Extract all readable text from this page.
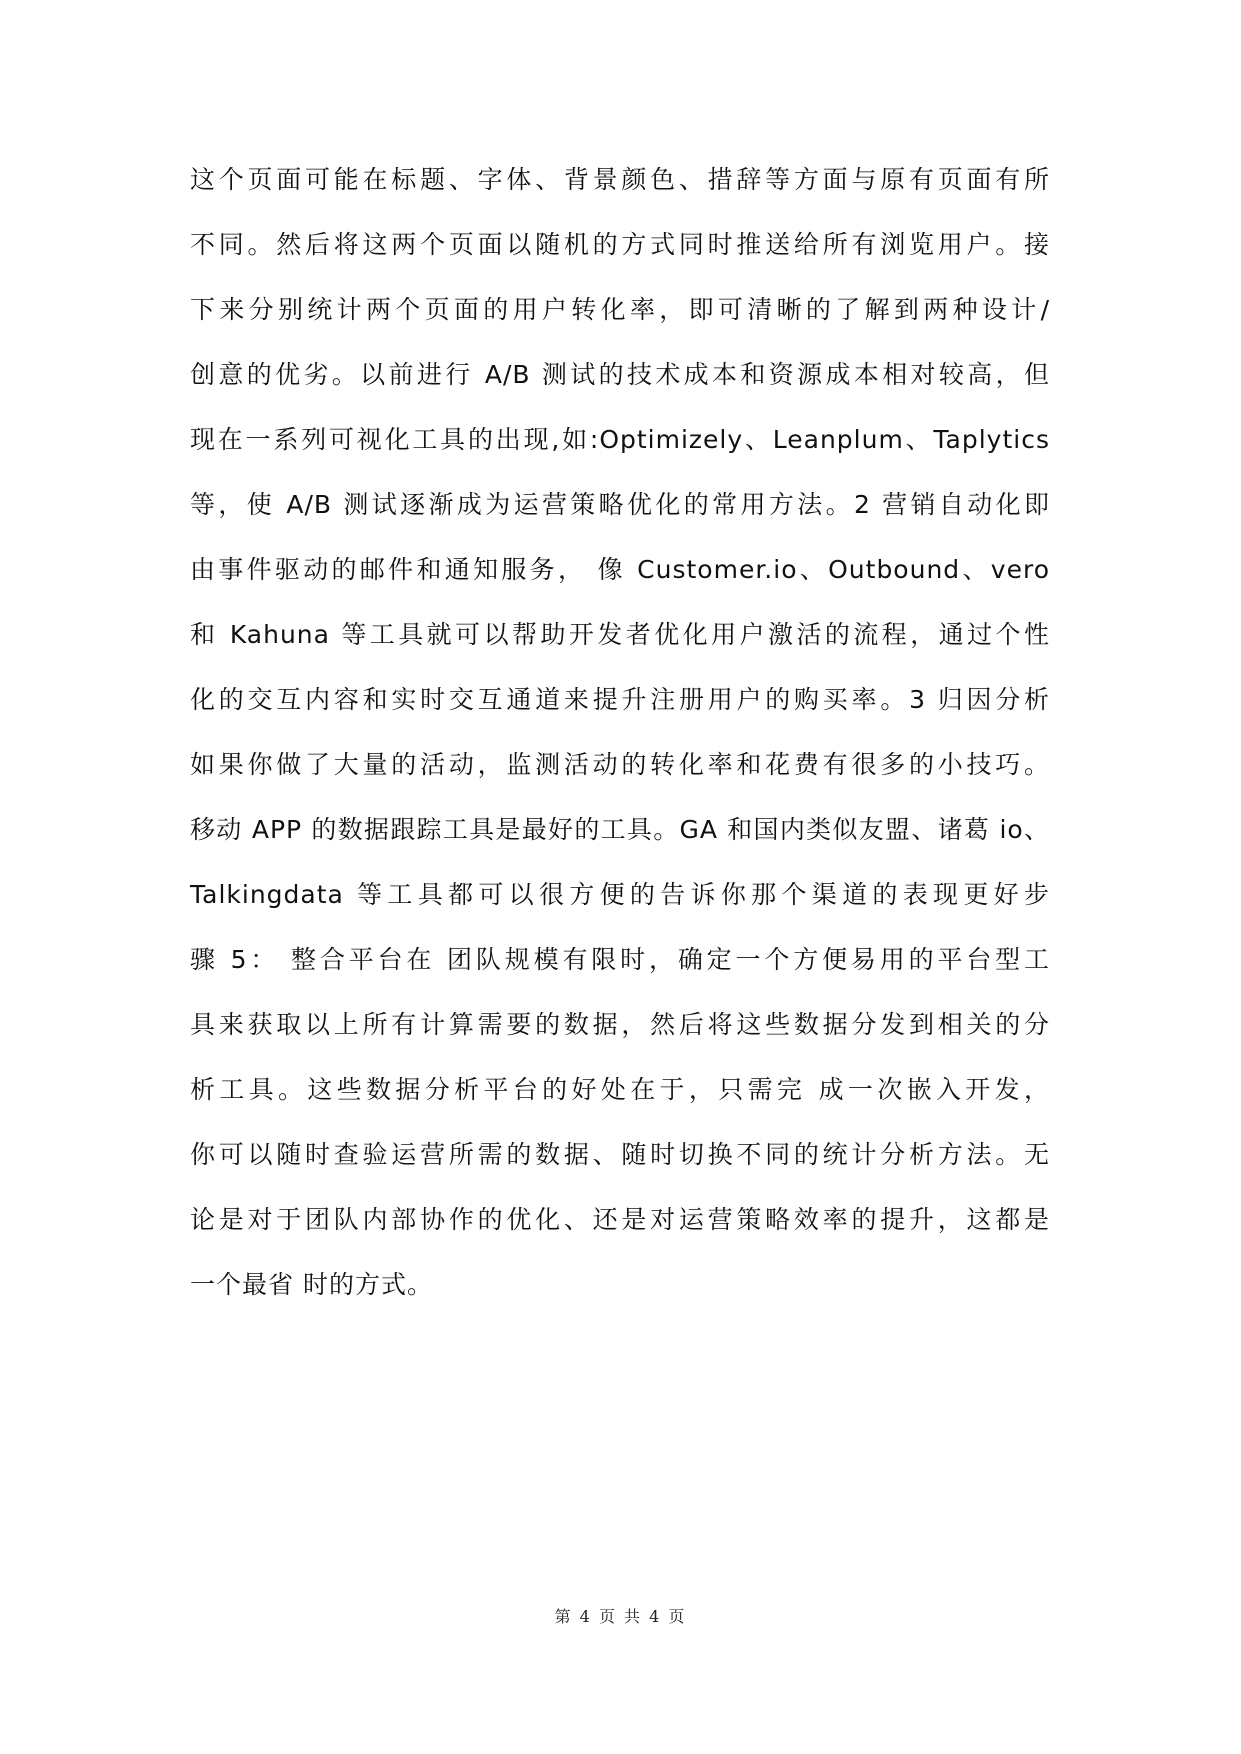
这个页面可能在标题、字体、背景颜色、措辞等方面与原有页面有所
不同。然后将这两个页面以随机的方式同时推送给所有浏览用户。接
下来分别统计两个页面的用户转化率，即可清晰的了解到两种设计/
创意的优劣。以前进行 A/B 测试的技术成本和资源成本相对较高，但
现在一系列可视化工具的出现,如:Optimizely、Leanplum、Taplytics
等，使 A/B 测试逐渐成为运营策略优化的常用方法。2 营销自动化即
由事件驱动的邮件和通知服务， 像 Customer.io、Outbound、vero
和 Kahuna 等工具就可以帮助开发者优化用户激活的流程，通过个性
化的交互内容和实时交互通道来提升注册用户的购买率。3 归因分析
如果你做了大量的活动，监测活动的转化率和花费有很多的小技巧。
移动 APP 的数据跟踪工具是最好的工具。GA 和国内类似友盟、诸葛 io、
Talkingdata 等工具都可以很方便的告诉你那个渠道的表现更好步
骤 5： 整合平台在 团队规模有限时，确定一个方便易用的平台型工
具来获取以上所有计算需要的数据，然后将这些数据分发到相关的分
析工具。这些数据分析平台的好处在于，只需完 成一次嵌入开发，
你可以随时查验运营所需的数据、随时切换不同的统计分析方法。无
论是对于团队内部协作的优化、还是对运营策略效率的提升，这都是
一个最省 时的方式。
第 4 页 共 4 页
